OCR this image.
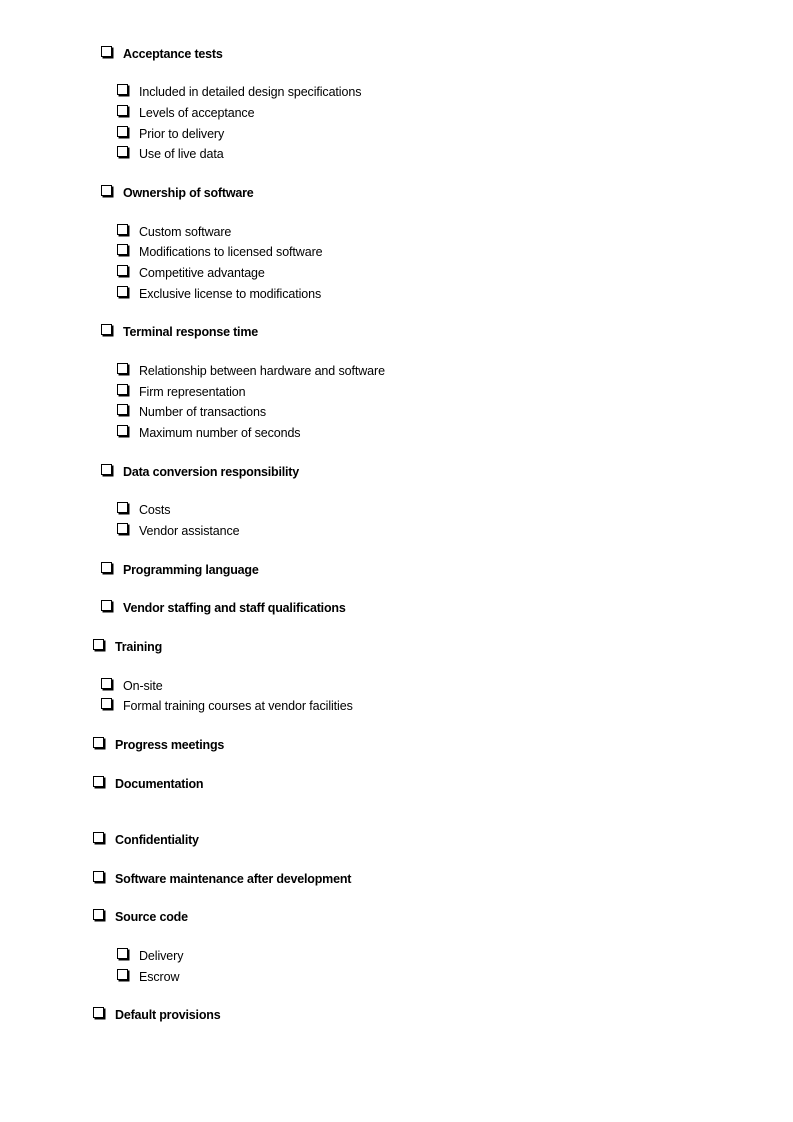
Acceptance tests
Included in detailed design specifications
Levels of acceptance
Prior to delivery
Use of live data
Ownership of software
Custom software
Modifications to licensed software
Competitive advantage
Exclusive license to modifications
Terminal response time
Relationship between hardware and software
Firm representation
Number of transactions
Maximum number of seconds
Data conversion responsibility
Costs
Vendor assistance
Programming language
Vendor staffing and staff qualifications
Training
On-site
Formal training courses at vendor facilities
Progress meetings
Documentation
Confidentiality
Software maintenance after development
Source code
Delivery
Escrow
Default provisions
